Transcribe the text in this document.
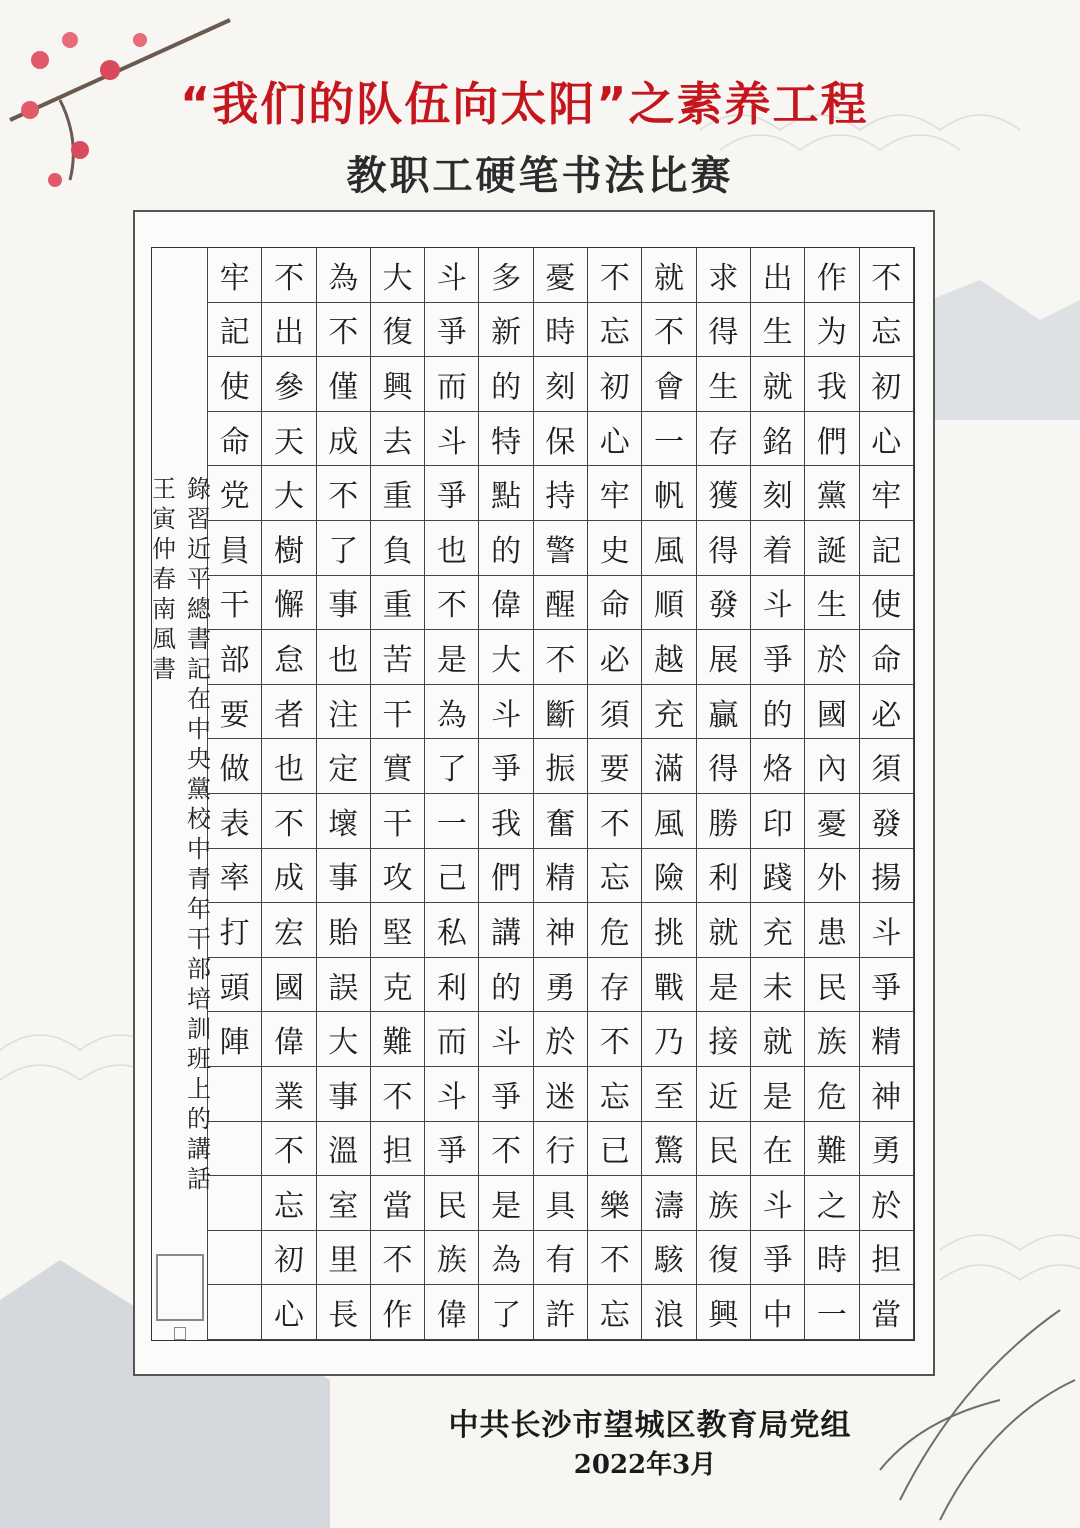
“我们的队伍向太阳”之素养工程
教职工硬笔书法比赛
錄習近平總書記在中央黨校中青年干部培訓班上的講話 王寅仲春南風書
不
忘
初
心
牢
記
使
命
必
須
發
揚
斗
爭
精
神
勇
於
担
當
作
为
我
們
黨
誕
生
於
國
內
憂
外
患
民
族
危
難
之
時
一
出
生
就
銘
刻
着
斗
爭
的
烙
印
踐
充
未
就
是
在
斗
爭
中
求
得
生
存
獲
得
發
展
贏
得
勝
利
就
是
接
近
民
族
復
興
就
不
會
一
帆
風
順
越
充
滿
風
險
挑
戰
乃
至
驚
濤
駭
浪
不
忘
初
心
牢
史
命
必
須
要
不
忘
危
存
不
忘
已
樂
不
忘
憂
時
刻
保
持
警
醒
不
斷
振
奮
精
神
勇
於
迷
行
具
有
許
多
新
的
特
點
的
偉
大
斗
爭
我
們
講
的
斗
爭
不
是
為
了
斗
爭
而
斗
爭
也
不
是
為
了
一
己
私
利
而
斗
爭
民
族
偉
大
復
興
去
重
負
重
苦
干
實
干
攻
堅
克
難
不
担
當
不
作
為
不
僅
成
不
了
事
也
注
定
壞
事
貽
誤
大
事
溫
室
里
長
不
出
參
天
大
樹
懈
怠
者
也
不
成
宏
國
偉
業
不
忘
初
心
牢
記
使
命
党
員
干
部
要
做
表
率
打
頭
陣
中共长沙市望城区教育局党组
2022年3月
